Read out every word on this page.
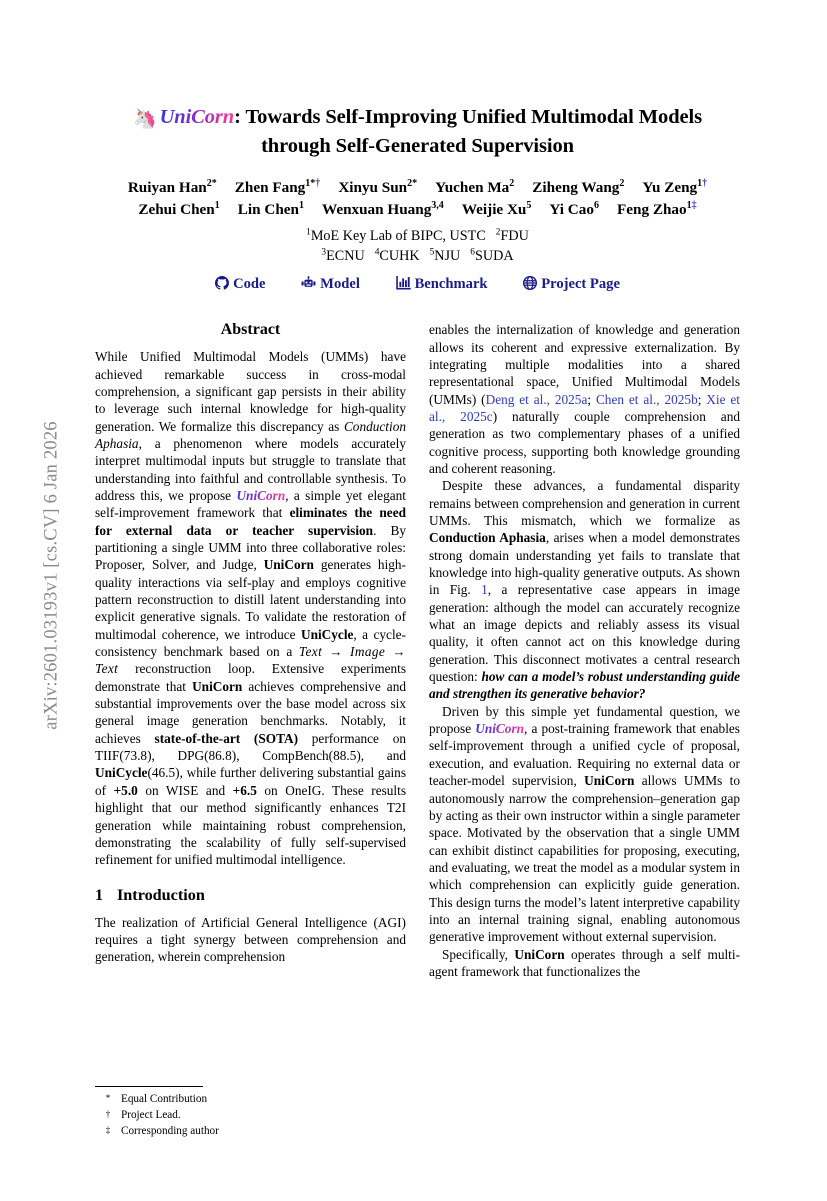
arXiv:2601.03193v1 [cs.CV] 6 Jan 2026
🦄 UniCorn: Towards Self-Improving Unified Multimodal Models
through Self-Generated Supervision
Ruiyan Han$^{2*}$ Zhen Fang$^{1*\dagger}$ Xinyu Sun$^{2*}$ Yuchen Ma$^2$ Ziheng Wang$^2$ Yu Zeng$^{1\dagger}$
Zehui Chen$^1$ Lin Chen$^1$ Wenxuan Huang$^{3,4}$ Weijie Xu$^5$ Yi Cao$^6$ Feng Zhao$^{1\ddagger}$
$^1$MoE Key Lab of BIPC, USTC $^2$FDU
$^3$ECNU $^4$CUHK $^5$NJU $^6$SUDA
Code	Model	Benchmark	Project Page
Abstract

While Unified Multimodal Models (UMMs) have achieved remarkable success in cross-modal comprehension, a significant gap persists in their ability to leverage such internal knowledge for high-quality generation. We formalize this discrepancy as Conduction Aphasia, a phenomenon where models accurately interpret multimodal inputs but struggle to translate that understanding into faithful and controllable synthesis. To address this, we propose UniCorn, a simple yet elegant self-improvement framework that eliminates the need for external data or teacher supervision. By partitioning a single UMM into three collaborative roles: Proposer, Solver, and Judge, UniCorn generates high-quality interactions via self-play and employs cognitive pattern reconstruction to distill latent understanding into explicit generative signals. To validate the restoration of multimodal coherence, we introduce UniCycle, a cycle-consistency benchmark based on a Text → Image → Text reconstruction loop. Extensive experiments demonstrate that UniCorn achieves comprehensive and substantial improvements over the base model across six general image generation benchmarks. Notably, it achieves state-of-the-art (SOTA) performance on TIIF(73.8), DPG(86.8), CompBench(88.5), and UniCycle(46.5), while further delivering substantial gains of +5.0 on WISE and +6.5 on OneIG. These results highlight that our method significantly enhances T2I generation while maintaining robust comprehension, demonstrating the scalability of fully self-supervised refinement for unified multimodal intelligence.

1 Introduction

The realization of Artificial General Intelligence (AGI) requires a tight synergy between comprehension and generation, wherein comprehension

* Equal Contribution
† Project Lead.
‡ Corresponding author

enables the internalization of knowledge and generation allows its coherent and expressive externalization. By integrating multiple modalities into a shared representational space, Unified Multimodal Models (UMMs) (Deng et al., 2025a; Chen et al., 2025b; Xie et al., 2025c) naturally couple comprehension and generation as two complementary phases of a unified cognitive process, supporting both knowledge grounding and coherent reasoning.

Despite these advances, a fundamental disparity remains between comprehension and generation in current UMMs. This mismatch, which we formalize as Conduction Aphasia, arises when a model demonstrates strong domain understanding yet fails to translate that knowledge into high-quality generative outputs. As shown in Fig. 1, a representative case appears in image generation: although the model can accurately recognize what an image depicts and reliably assess its visual quality, it often cannot act on this knowledge during generation. This disconnect motivates a central research question: how can a model’s robust understanding guide and strengthen its generative behavior?

Driven by this simple yet fundamental question, we propose UniCorn, a post-training framework that enables self-improvement through a unified cycle of proposal, execution, and evaluation. Requiring no external data or teacher-model supervision, UniCorn allows UMMs to autonomously narrow the comprehension–generation gap by acting as their own instructor within a single parameter space. Motivated by the observation that a single UMM can exhibit distinct capabilities for proposing, executing, and evaluating, we treat the model as a modular system in which comprehension can explicitly guide generation. This design turns the model’s latent interpretive capability into an internal training signal, enabling autonomous generative improvement without external supervision.

Specifically, UniCorn operates through a self multi-agent framework that functionalizes the
